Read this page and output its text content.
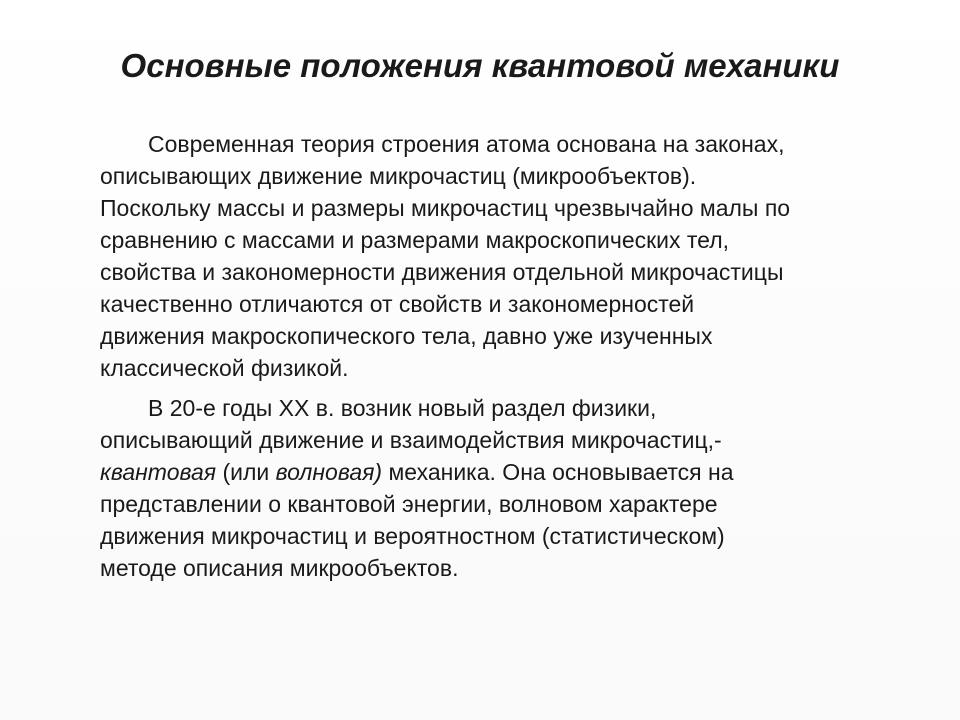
Основные положения квантовой механики
Современная теория строения атома основана на законах,
описывающих движение микрочастиц (микрообъектов).
Поскольку массы и размеры микрочастиц чрезвычайно малы по
сравнению с массами и размерами макроскопических тел,
свойства и закономерности движения отдельной микрочастицы
качественно отличаются от свойств и закономерностей
движения макроскопического тела, давно уже изученных
классической физикой.
В 20-е годы ХХ в. возник новый раздел физики,
описывающий движение и взаимодействия микрочастиц,-
квантовая (или волновая) механика. Она основывается на
представлении о квантовой энергии, волновом характере
движения микрочастиц и вероятностном (статистическом)
методе описания микрообъектов.
